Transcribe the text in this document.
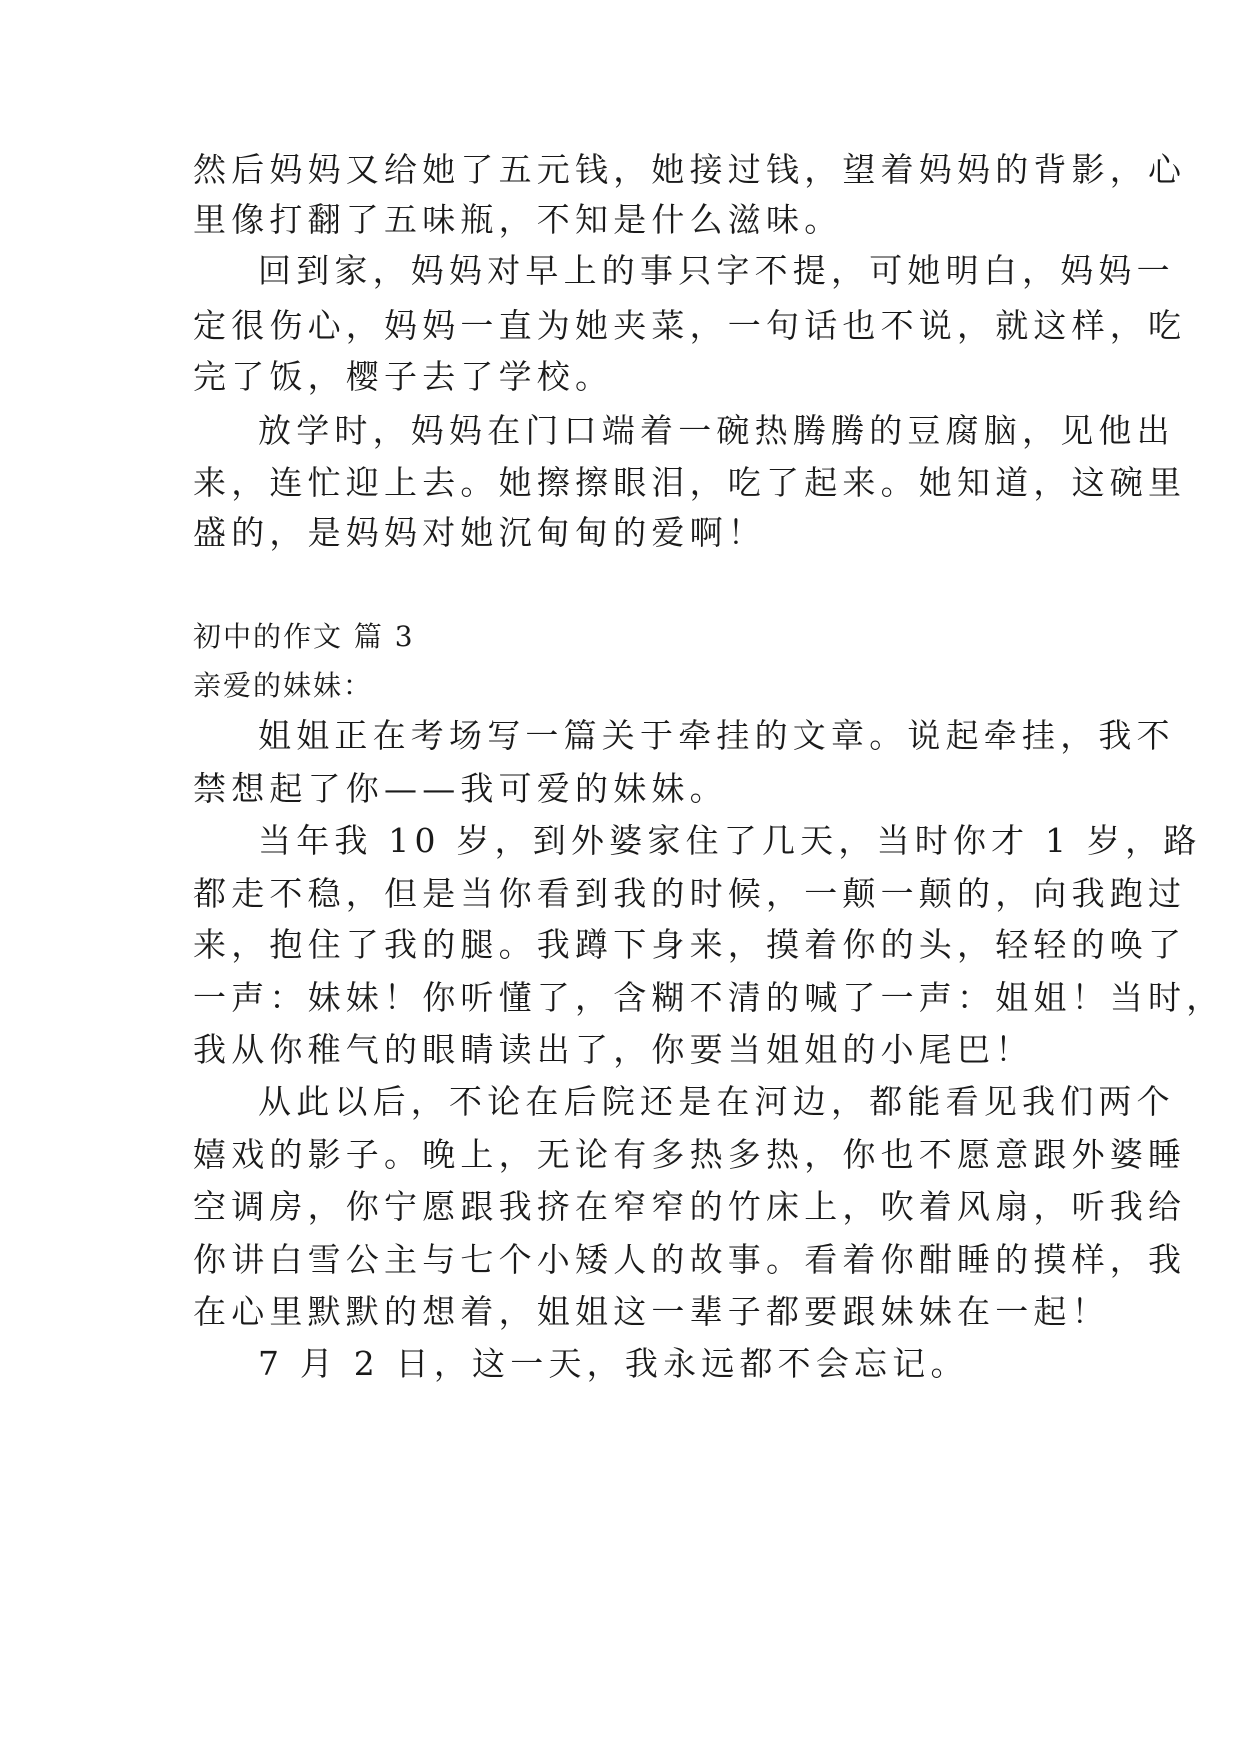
然后妈妈又给她了五元钱，她接过钱，望着妈妈的背影，心
里像打翻了五味瓶，不知是什么滋味。
回到家，妈妈对早上的事只字不提，可她明白，妈妈一
定很伤心，妈妈一直为她夹菜，一句话也不说，就这样，吃
完了饭，樱子去了学校。
放学时，妈妈在门口端着一碗热腾腾的豆腐脑，见他出
来，连忙迎上去。她擦擦眼泪，吃了起来。她知道，这碗里
盛的，是妈妈对她沉甸甸的爱啊！
初中的作文 篇 3
亲爱的妹妹：
姐姐正在考场写一篇关于牵挂的文章。说起牵挂，我不
禁想起了你——我可爱的妹妹。
当年我 10 岁，到外婆家住了几天，当时你才 1 岁，路
都走不稳，但是当你看到我的时候，一颠一颠的，向我跑过
来，抱住了我的腿。我蹲下身来，摸着你的头，轻轻的唤了
一声：妹妹！你听懂了，含糊不清的喊了一声：姐姐！当时，
我从你稚气的眼睛读出了，你要当姐姐的小尾巴！
从此以后，不论在后院还是在河边，都能看见我们两个
嬉戏的影子。晚上，无论有多热多热，你也不愿意跟外婆睡
空调房，你宁愿跟我挤在窄窄的竹床上，吹着风扇，听我给
你讲白雪公主与七个小矮人的故事。看着你酣睡的摸样，我
在心里默默的想着，姐姐这一辈子都要跟妹妹在一起！
7 月 2 日，这一天，我永远都不会忘记。
